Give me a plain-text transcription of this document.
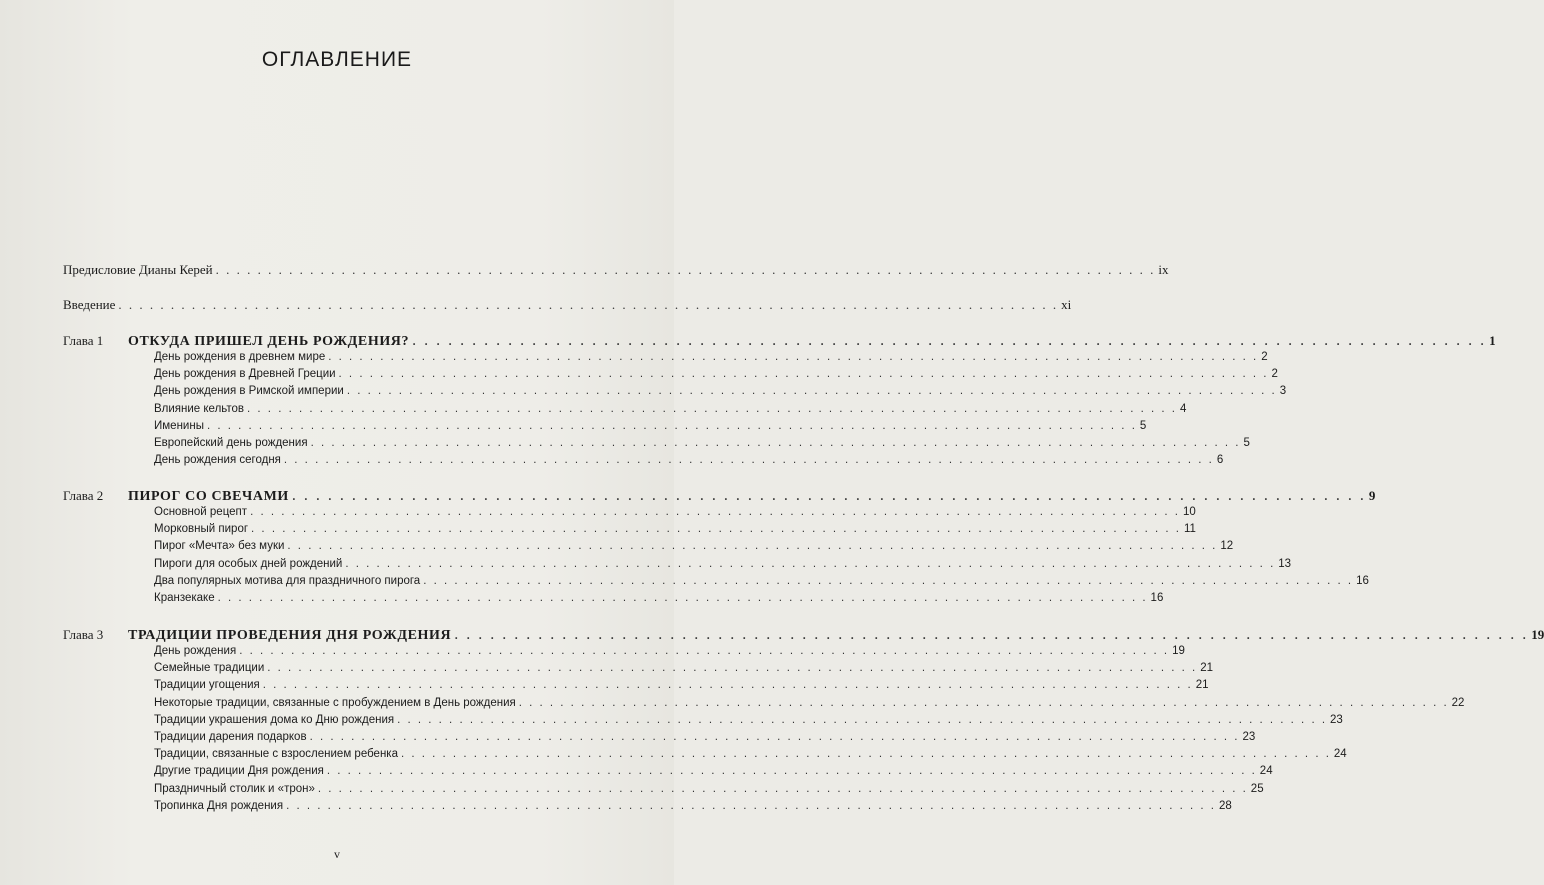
ОГЛАВЛЕНИЕ
Предисловие Дианы Керей . . . . . . . . . . . . . . . . . . . . . . . . . . . . . . . . . . . . . . . . . . . . . . . . . . . . . . . . . . . . . . . . . . . . . . . . . . . . . . . . . . . . . . . . . . ix
Введение . . . . . . . . . . . . . . . . . . . . . . . . . . . . . . . . . . . . . . . . . . . . . . . . . . . . . . . . . . . . . . . . . . . . . . . . . . . . . . . . . . . . . . . . . . xi
Глава 1 ОТКУДА ПРИШЕЛ ДЕНЬ РОЖДЕНИЯ? . . . . . . . . . . . . . . . . . . . . . . . . . . . . . . . . . . . . . . . . . . . . . . . . . . . . . . . . . . . . . . . . . . . . . . . . . . . . . . . . . . . . . . . . . . 1
День рождения в древнем мире . . . . . . . . . . . . . . . . . . . . . . . . . . . . . . . . . . . . . . . . . . . . . . . . . . . . . . . . . . . . . . . . . . . . . . . . . . . . . . . . . . . . . . . . . . 2
День рождения в Древней Греции . . . . . . . . . . . . . . . . . . . . . . . . . . . . . . . . . . . . . . . . . . . . . . . . . . . . . . . . . . . . . . . . . . . . . . . . . . . . . . . . . . . . . . . . . . 2
День рождения в Римской империи . . . . . . . . . . . . . . . . . . . . . . . . . . . . . . . . . . . . . . . . . . . . . . . . . . . . . . . . . . . . . . . . . . . . . . . . . . . . . . . . . . . . . . . . . . 3
Влияние кельтов . . . . . . . . . . . . . . . . . . . . . . . . . . . . . . . . . . . . . . . . . . . . . . . . . . . . . . . . . . . . . . . . . . . . . . . . . . . . . . . . . . . . . . . . . . 4
Именины . . . . . . . . . . . . . . . . . . . . . . . . . . . . . . . . . . . . . . . . . . . . . . . . . . . . . . . . . . . . . . . . . . . . . . . . . . . . . . . . . . . . . . . . . . 5
Европейский день рождения . . . . . . . . . . . . . . . . . . . . . . . . . . . . . . . . . . . . . . . . . . . . . . . . . . . . . . . . . . . . . . . . . . . . . . . . . . . . . . . . . . . . . . . . . . 5
День рождения сегодня . . . . . . . . . . . . . . . . . . . . . . . . . . . . . . . . . . . . . . . . . . . . . . . . . . . . . . . . . . . . . . . . . . . . . . . . . . . . . . . . . . . . . . . . . . 6
Глава 2 ПИРОГ СО СВЕЧАМИ . . . . . . . . . . . . . . . . . . . . . . . . . . . . . . . . . . . . . . . . . . . . . . . . . . . . . . . . . . . . . . . . . . . . . . . . . . . . . . . . . . . . . . . . . . 9
Основной рецепт . . . . . . . . . . . . . . . . . . . . . . . . . . . . . . . . . . . . . . . . . . . . . . . . . . . . . . . . . . . . . . . . . . . . . . . . . . . . . . . . . . . . . . . . . . 10
Морковный пирог . . . . . . . . . . . . . . . . . . . . . . . . . . . . . . . . . . . . . . . . . . . . . . . . . . . . . . . . . . . . . . . . . . . . . . . . . . . . . . . . . . . . . . . . . . 11
Пирог «Мечта» без муки . . . . . . . . . . . . . . . . . . . . . . . . . . . . . . . . . . . . . . . . . . . . . . . . . . . . . . . . . . . . . . . . . . . . . . . . . . . . . . . . . . . . . . . . . . 12
Пироги для особых дней рождений . . . . . . . . . . . . . . . . . . . . . . . . . . . . . . . . . . . . . . . . . . . . . . . . . . . . . . . . . . . . . . . . . . . . . . . . . . . . . . . . . . . . . . . . . . 13
Два популярных мотива для праздничного пирога . . . . . . . . . . . . . . . . . . . . . . . . . . . . . . . . . . . . . . . . . . . . . . . . . . . . . . . . . . . . . . . . . . . . . . . . . . . . . . . . . . . . . . . . . . 16
Кранзекаке . . . . . . . . . . . . . . . . . . . . . . . . . . . . . . . . . . . . . . . . . . . . . . . . . . . . . . . . . . . . . . . . . . . . . . . . . . . . . . . . . . . . . . . . . . 16
Глава 3 ТРАДИЦИИ ПРОВЕДЕНИЯ ДНЯ РОЖДЕНИЯ . . . . . . . . . . . . . . . . . . . . . . . . . . . . . . . . . . . . . . . . . . . . . . . . . . . . . . . . . . . . . . . . . . . . . . . . . . . . . . . . . . . . . . . . . . 19
День рождения . . . . . . . . . . . . . . . . . . . . . . . . . . . . . . . . . . . . . . . . . . . . . . . . . . . . . . . . . . . . . . . . . . . . . . . . . . . . . . . . . . . . . . . . . . 19
Семейные традиции . . . . . . . . . . . . . . . . . . . . . . . . . . . . . . . . . . . . . . . . . . . . . . . . . . . . . . . . . . . . . . . . . . . . . . . . . . . . . . . . . . . . . . . . . . 21
Традиции угощения . . . . . . . . . . . . . . . . . . . . . . . . . . . . . . . . . . . . . . . . . . . . . . . . . . . . . . . . . . . . . . . . . . . . . . . . . . . . . . . . . . . . . . . . . . 21
Некоторые традиции, связанные с пробуждением в День рождения . . . . . . . . . . . . . . . . . . . . . . . . . . . . . . . . . . . . . . . . . . . . . . . . . . . . . . . . . . . . . . . . . . . . . . . . . . . . . . . . . . . . . . . . . . 22
Традиции украшения дома ко Дню рождения . . . . . . . . . . . . . . . . . . . . . . . . . . . . . . . . . . . . . . . . . . . . . . . . . . . . . . . . . . . . . . . . . . . . . . . . . . . . . . . . . . . . . . . . . . 23
Традиции дарения подарков . . . . . . . . . . . . . . . . . . . . . . . . . . . . . . . . . . . . . . . . . . . . . . . . . . . . . . . . . . . . . . . . . . . . . . . . . . . . . . . . . . . . . . . . . . 23
Традиции, связанные с взрослением ребенка . . . . . . . . . . . . . . . . . . . . . . . . . . . . . . . . . . . . . . . . . . . . . . . . . . . . . . . . . . . . . . . . . . . . . . . . . . . . . . . . . . . . . . . . . . 24
Другие традиции Дня рождения . . . . . . . . . . . . . . . . . . . . . . . . . . . . . . . . . . . . . . . . . . . . . . . . . . . . . . . . . . . . . . . . . . . . . . . . . . . . . . . . . . . . . . . . . . 24
Праздничный столик и «трон» . . . . . . . . . . . . . . . . . . . . . . . . . . . . . . . . . . . . . . . . . . . . . . . . . . . . . . . . . . . . . . . . . . . . . . . . . . . . . . . . . . . . . . . . . . 25
Тропинка Дня рождения . . . . . . . . . . . . . . . . . . . . . . . . . . . . . . . . . . . . . . . . . . . . . . . . . . . . . . . . . . . . . . . . . . . . . . . . . . . . . . . . . . . . . . . . . . 28
v
